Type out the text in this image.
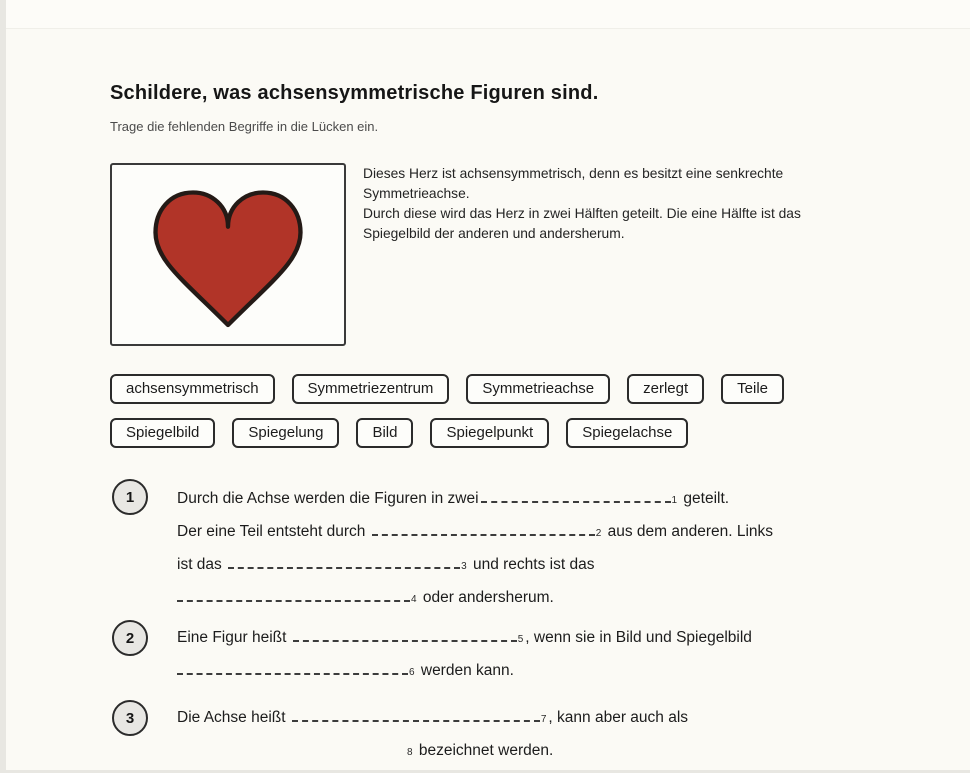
Schildere, was achsensymmetrische Figuren sind.
Trage die fehlenden Begriffe in die Lücken ein.
Dieses Herz ist achsensymmetrisch, denn es besitzt eine senkrechte
Symmetrieachse.
Durch diese wird das Herz in zwei Hälften geteilt. Die eine Hälfte ist das
Spiegelbild der anderen und andersherum.
achsensymmetrisch	Symmetriezentrum	Symmetrieachse	zerlegt	Teile
Spiegelbild	Spiegelung	Bild	Spiegelpunkt	Spiegelachse
1	Durch die Achse werden die Figuren in zwei	1 geteilt.
Der eine Teil entsteht durch	2 aus dem anderen. Links
ist das	3 und rechts ist das
4 oder andersherum.
2	Eine Figur heißt	5 , wenn sie in Bild und Spiegelbild
6 werden kann.
3	Die Achse heißt	7 , kann aber auch als
8 bezeichnet werden.
